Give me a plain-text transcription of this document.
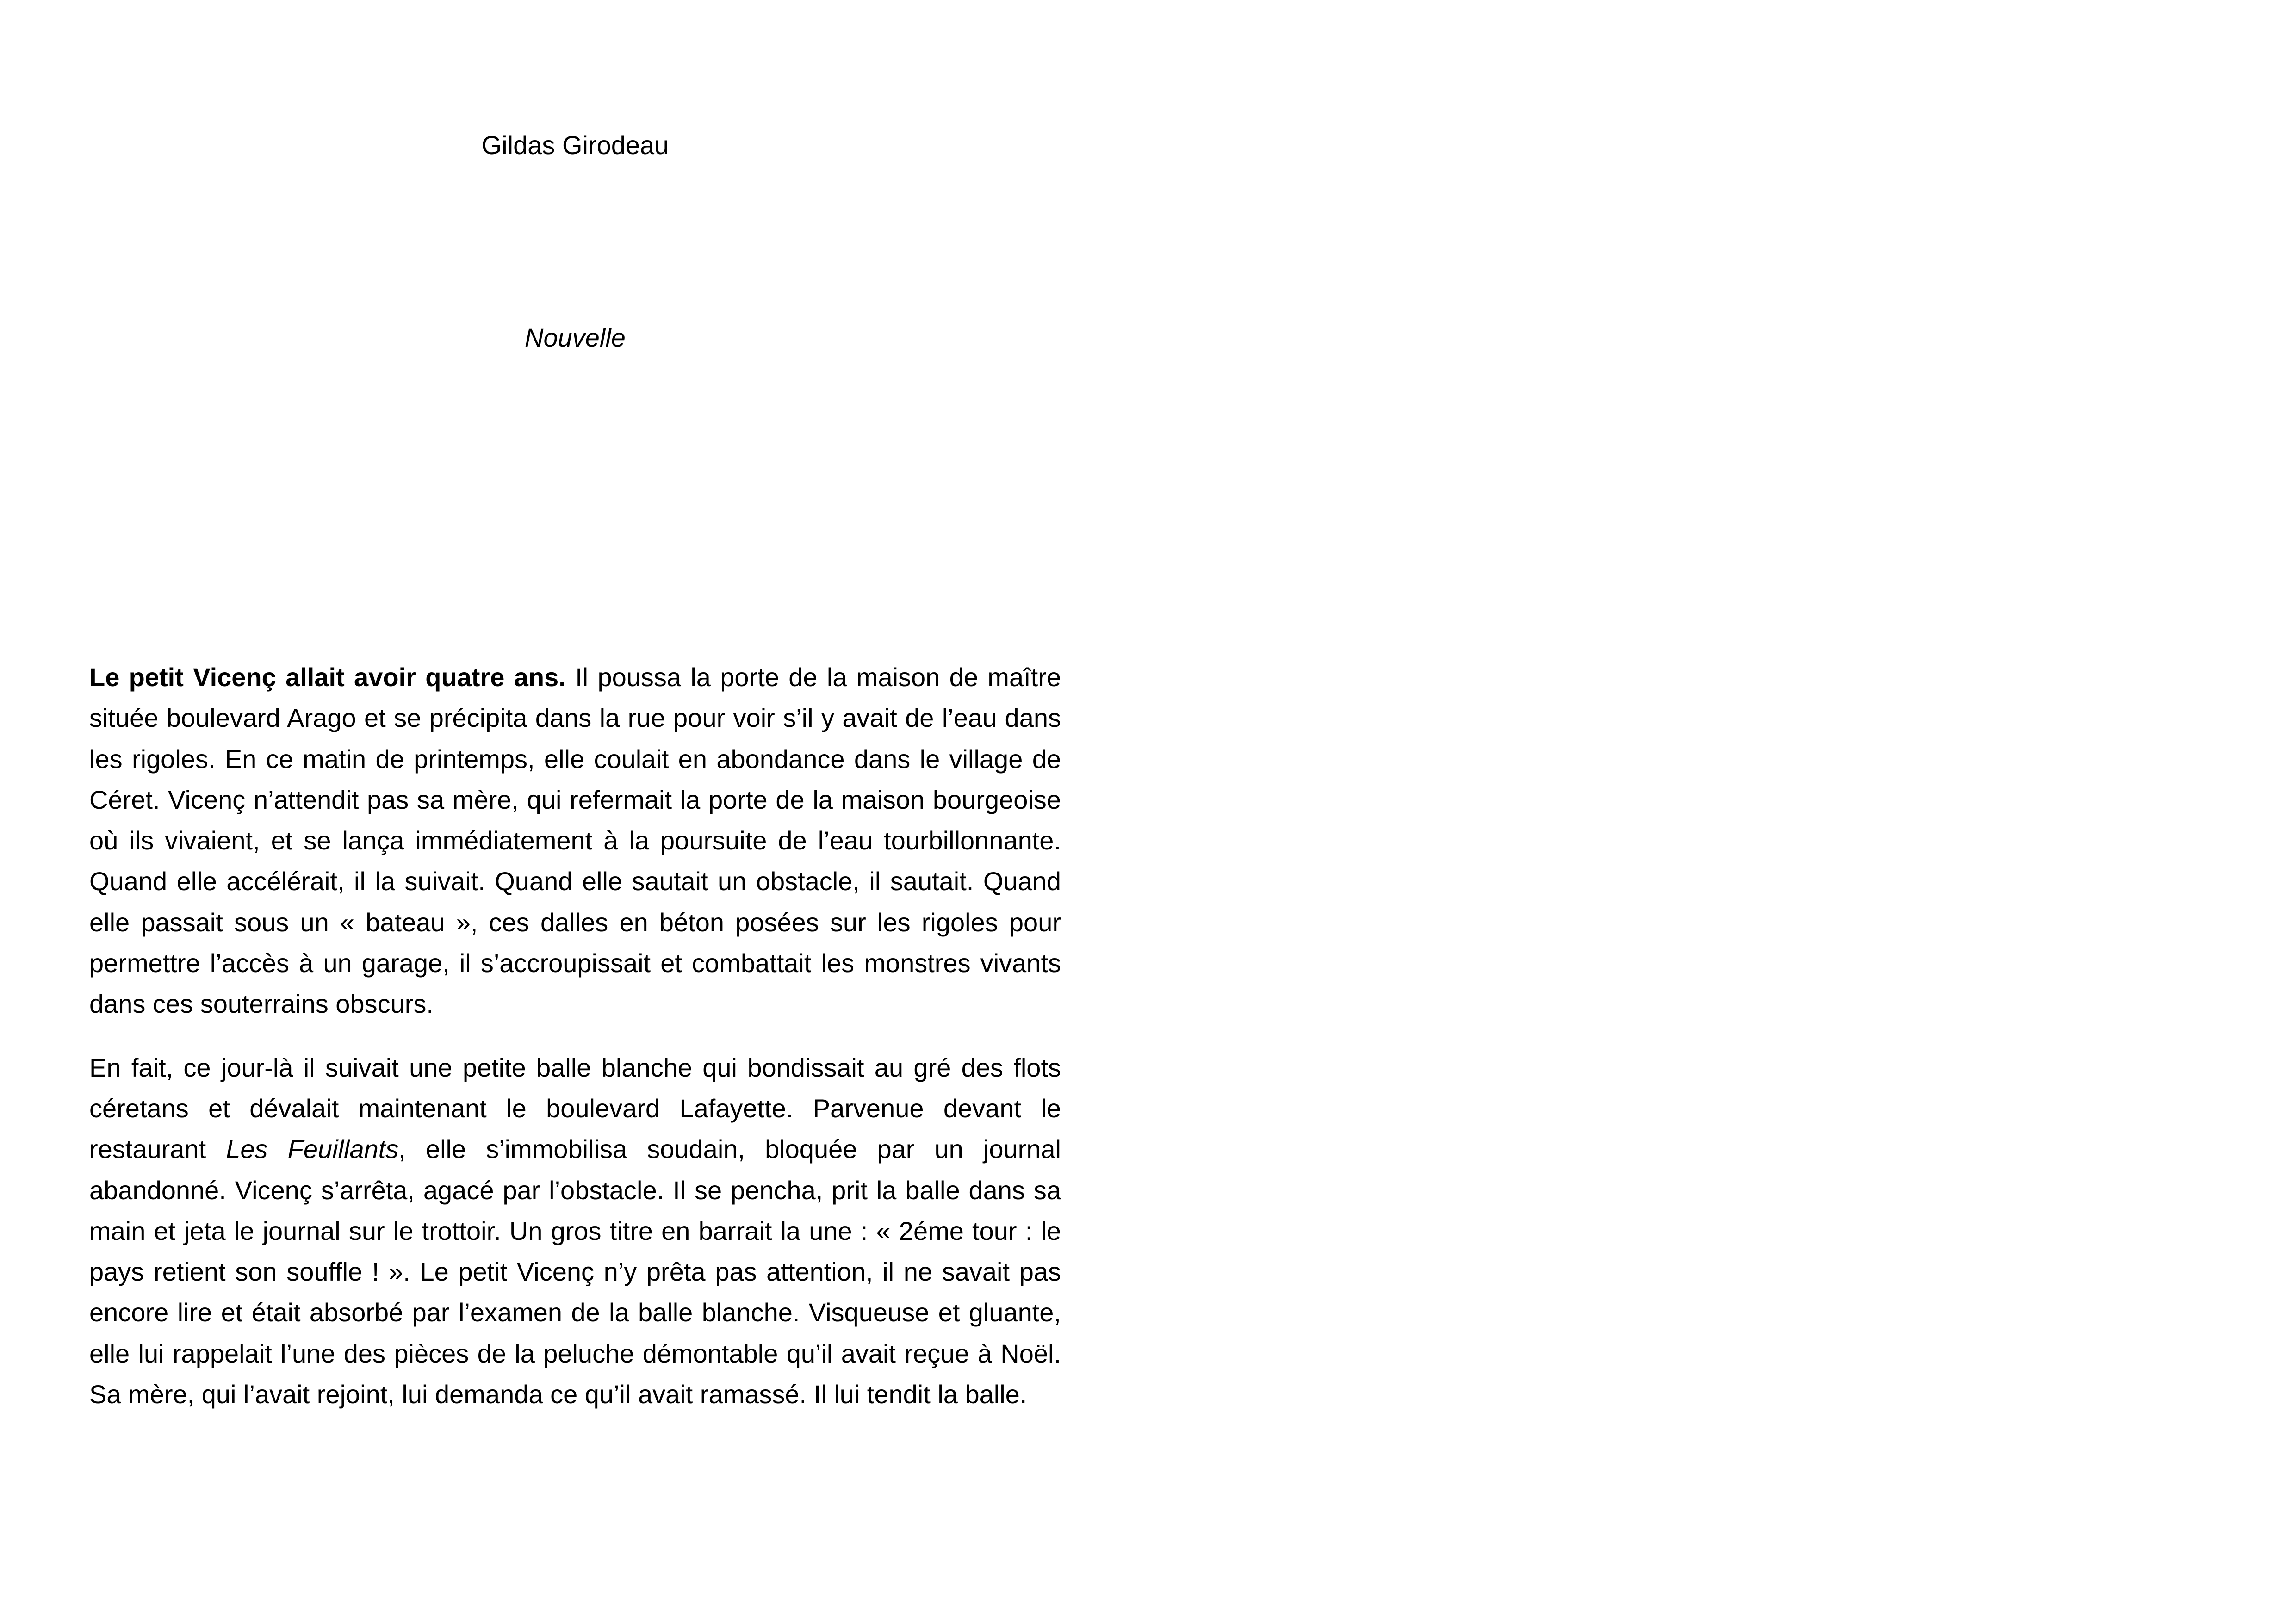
Gildas Girodeau
Nouvelle

Le petit Vicenç allait avoir quatre ans. Il poussa la porte de la maison de maître située boulevard Arago et se précipita dans la rue pour voir s’il y avait de l’eau dans les rigoles. En ce matin de printemps, elle coulait en abondance dans le village de Céret. Vicenç n’attendit pas sa mère, qui refermait la porte de la maison bourgeoise où ils vivaient, et se lança immédiatement à la poursuite de l’eau tourbillonnante. Quand elle accélérait, il la suivait. Quand elle sautait un obstacle, il sautait. Quand elle passait sous un « bateau », ces dalles en béton posées sur les rigoles pour permettre l’accès à un garage, il s’accroupissait et combattait les monstres vivants dans ces souterrains obscurs.

En fait, ce jour-là il suivait une petite balle blanche qui bondissait au gré des flots céretans et dévalait maintenant le boulevard Lafayette. Parvenue devant le restaurant Les Feuillants, elle s’immobilisa soudain, bloquée par un journal abandonné. Vicenç s’arrêta, agacé par l’obstacle. Il se pencha, prit la balle dans sa main et jeta le journal sur le trottoir. Un gros titre en barrait la une : « 2éme tour : le pays retient son souffle ! ». Le petit Vicenç n’y prêta pas attention, il ne savait pas encore lire et était absorbé par l’examen de la balle blanche. Visqueuse et gluante, elle lui rappelait l’une des pièces de la peluche démontable qu’il avait reçue à Noël. Sa mère, qui l’avait rejoint, lui demanda ce qu’il avait ramassé. Il lui tendit la balle.
